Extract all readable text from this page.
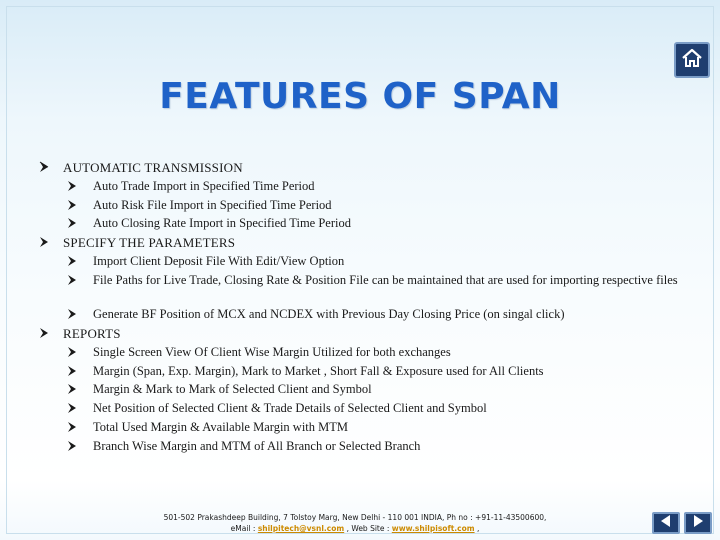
FEATURES OF SPAN
AUTOMATIC TRANSMISSION
Auto Trade Import in Specified Time Period
Auto Risk File Import in Specified Time Period
Auto Closing Rate Import in Specified Time Period
SPECIFY THE PARAMETERS
Import Client Deposit File With Edit/View Option
File Paths for Live Trade, Closing Rate & Position File can be maintained that are used for importing respective files
Generate BF Position of MCX and NCDEX with Previous Day Closing Price (on singal click)
REPORTS
Single Screen View Of Client Wise Margin Utilized for both exchanges
Margin (Span, Exp. Margin), Mark to Market , Short Fall & Exposure used for All Clients
Margin & Mark to Mark of Selected Client and Symbol
Net Position of Selected Client & Trade Details of Selected Client and Symbol
Total Used Margin & Available Margin with MTM
Branch Wise Margin and MTM of All Branch or Selected Branch
501-502 Prakashdeep Building, 7 Tolstoy Marg, New Delhi - 110 001 INDIA, Ph no : +91-11-43500600,
eMail : shilpitech@vsnl.com , Web Site : www.shilpisoft.com ,
